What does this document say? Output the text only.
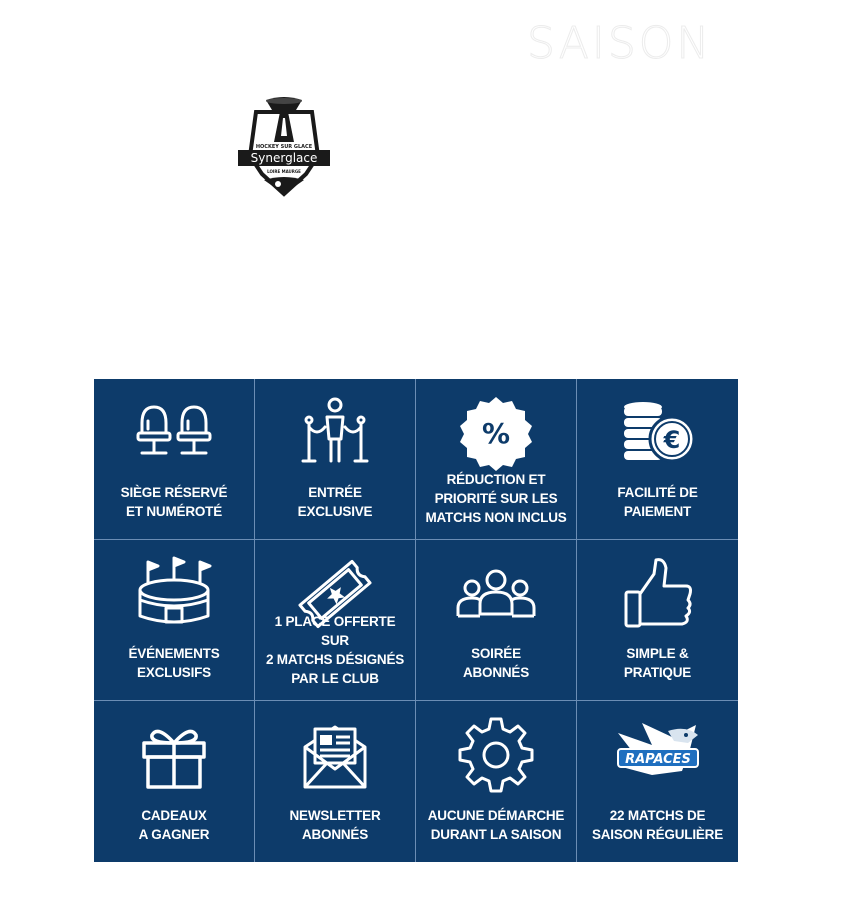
SAISON
HOCKEY SUR GLACE
Synerglace
LOIRE MAURGE
SIÈGE RÉSERVÉ
ET NUMÉROTÉ
ENTRÉE
EXCLUSIVE
%
RÉDUCTION ET
PRIORITÉ SUR LES
MATCHS NON INCLUS
€
FACILITÉ DE
PAIEMENT
ÉVÉNEMENTS
EXCLUSIFS
1 PLACE OFFERTE SUR
2 MATCHS DÉSIGNÉS
PAR LE CLUB
SOIRÉE
ABONNÉS
SIMPLE &
PRATIQUE
CADEAUX
A GAGNER
NEWSLETTER
ABONNÉS
AUCUNE DÉMARCHE
DURANT LA SAISON
RAPACES
22 MATCHS DE
SAISON RÉGULIÈRE
